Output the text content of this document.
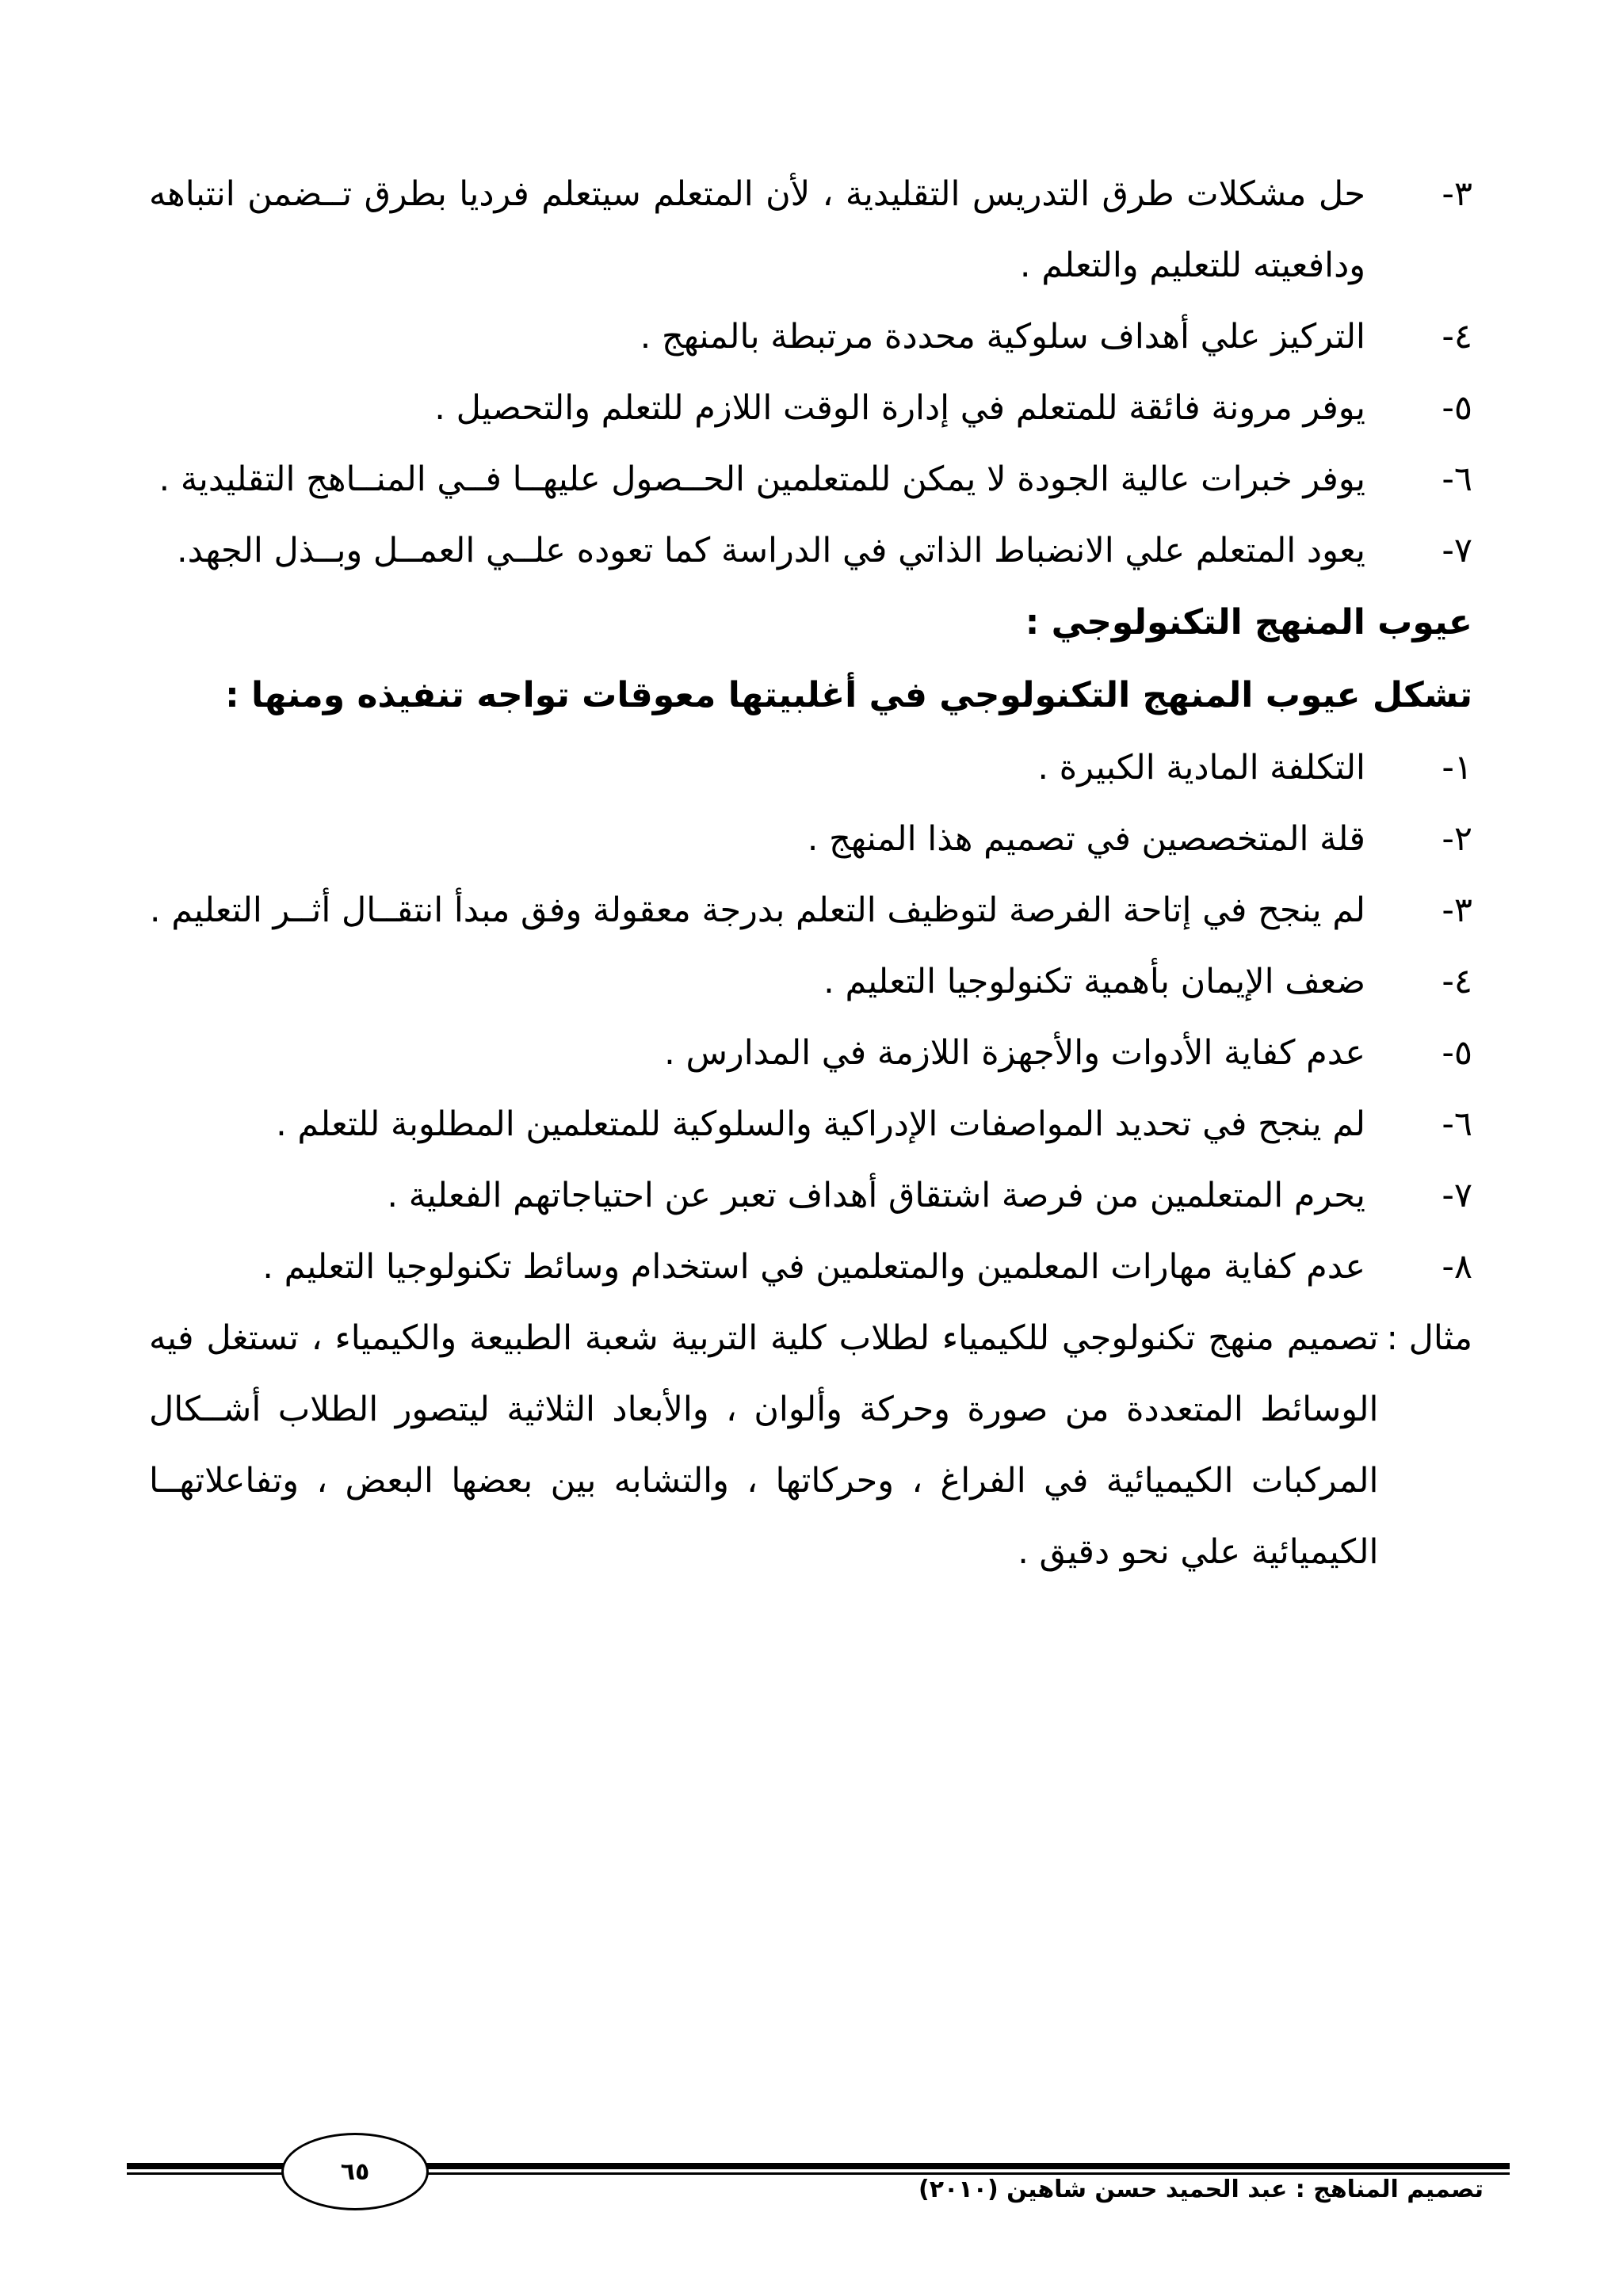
٣-
حل مشكلات طرق التدريس التقليدية ، لأن المتعلم سيتعلم فرديا بطرق تــضمن انتباهه ودافعيته للتعليم والتعلم .
٤-
التركيز علي أهداف سلوكية محددة مرتبطة بالمنهج .
٥-
يوفر مرونة فائقة للمتعلم في إدارة الوقت اللازم للتعلم والتحصيل .
٦-
يوفر خبرات عالية الجودة لا يمكن للمتعلمين الحــصول عليهــا فــي المنــاهج التقليدية .
٧-
يعود المتعلم علي الانضباط الذاتي في الدراسة كما تعوده علــي العمــل وبــذل الجهد.
عيوب المنهج التكنولوجي :
تشكل عيوب المنهج التكنولوجي في أغلبيتها معوقات تواجه تنفيذه ومنها :
١-
التكلفة المادية الكبيرة .
٢-
قلة المتخصصين في تصميم هذا المنهج .
٣-
لم ينجح في إتاحة الفرصة لتوظيف التعلم بدرجة معقولة وفق مبدأ انتقــال أثــر التعليم .
٤-
ضعف الإيمان بأهمية تكنولوجيا التعليم .
٥-
عدم كفاية الأدوات والأجهزة اللازمة في المدارس .
٦-
لم ينجح في تحديد المواصفات الإدراكية والسلوكية للمتعلمين المطلوبة للتعلم .
٧-
يحرم المتعلمين من فرصة اشتقاق أهداف تعبر عن احتياجاتهم الفعلية .
٨-
عدم كفاية مهارات المعلمين والمتعلمين في استخدام وسائط تكنولوجيا التعليم .
مثال :
تصميم منهج تكنولوجي للكيمياء لطلاب كلية التربية شعبة الطبيعة والكيمياء ، تستغل فيه الوسائط المتعددة من صورة وحركة وألوان ، والأبعاد الثلاثية ليتصور الطلاب أشــكال المركبات الكيميائية في الفراغ ، وحركاتها ، والتشابه بين بعضها البعض ، وتفاعلاتهــا الكيميائية علي نحو دقيق .
٦٥
تصميم المناهج : عبد الحميد حسن شاهين (٢٠١٠)
